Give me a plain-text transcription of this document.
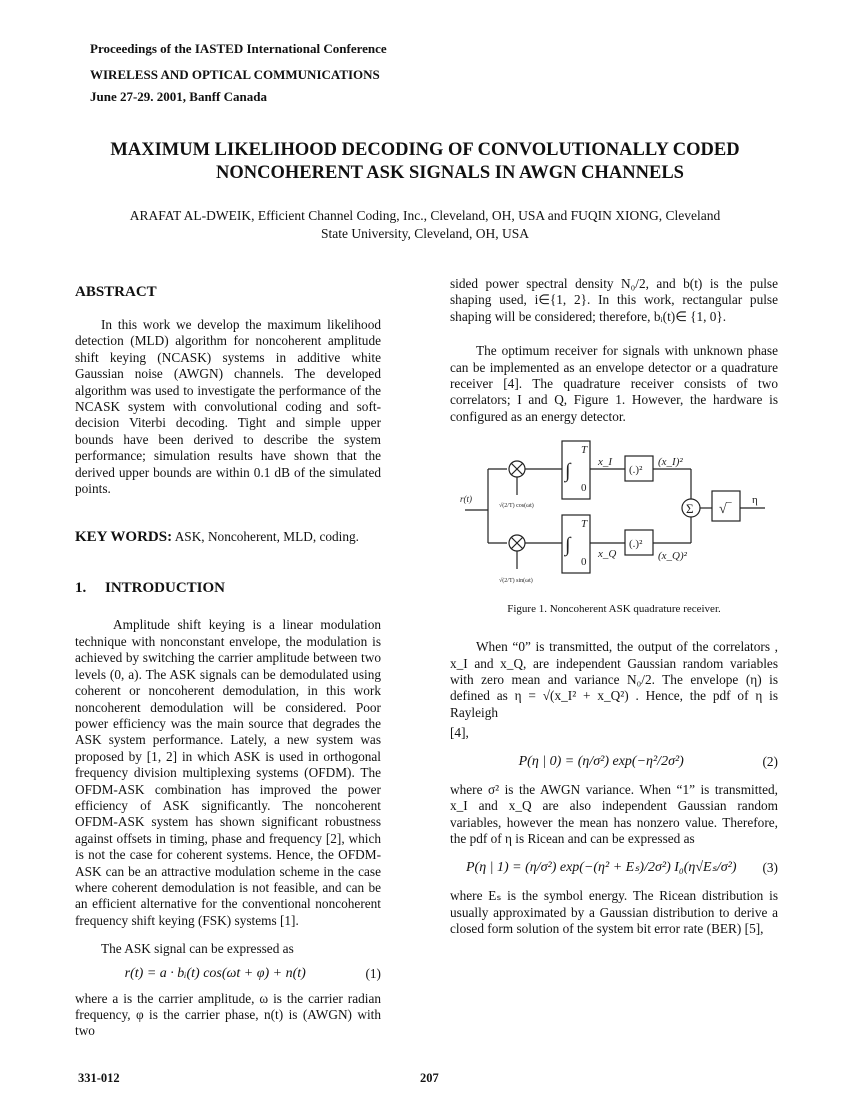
Proceedings of the IASTED International Conference
WIRELESS AND OPTICAL COMMUNICATIONS
June 27-29. 2001, Banff Canada
MAXIMUM LIKELIHOOD DECODING OF CONVOLUTIONALLY CODED
NONCOHERENT ASK SIGNALS IN AWGN CHANNELS
ARAFAT AL-DWEIK, Efficient Channel Coding, Inc., Cleveland, OH, USA and FUQIN XIONG, Cleveland
State University, Cleveland, OH, USA
ABSTRACT

In this work we develop the maximum likelihood detection (MLD) algorithm for noncoherent amplitude shift keying (NCASK) systems in additive white Gaussian noise (AWGN) channels. The developed algorithm was used to investigate the performance of the NCASK system with convolutional coding and soft-decision Viterbi decoding. Tight and simple upper bounds have been derived to describe the system performance; simulation results have shown that the derived upper bounds are within 0.1 dB of the simulated points.

KEY WORDS: ASK, Noncoherent, MLD, coding.
1.     INTRODUCTION

Amplitude shift keying is a linear modulation technique with nonconstant envelope, the modulation is achieved by switching the carrier amplitude between two levels (0, a). The ASK signals can be demodulated using coherent or noncoherent demodulation, in this work noncoherent demodulation will be considered. Poor power efficiency was the main source that degrades the ASK system performance. Lately, a new system was proposed by [1, 2] in which ASK is used in orthogonal frequency division multiplexing systems (OFDM). The OFDM-ASK combination has improved the power efficiency of ASK significantly. The noncoherent OFDM-ASK system has shown significant robustness against offsets in timing, phase and frequency [2], which is not the case for coherent systems. Hence, the OFDM-ASK can be an attractive modulation scheme in the case where coherent demodulation is not feasible, and can be an efficient alternative for the conventional noncoherent frequency shift keying (FSK) systems [1].

The ASK signal can be expressed as

r(t) = a · bᵢ(t) cos(ωt + φ) + n(t)	(1)

where a is the carrier amplitude, ω is the carrier radian frequency, φ is the carrier phase, n(t) is (AWGN) with two

sided power spectral density N₀/2, and b(t) is the pulse shaping used, i∈{1, 2}. In this work, rectangular pulse shaping will be considered; therefore, bᵢ(t)∈ {1, 0}.

The optimum receiver for signals with unknown phase can be implemented as an envelope detector or a quadrature receiver [4]. The quadrature receiver consists of two correlators; I and Q, Figure 1. However, the hardware is configured as an energy detector.

r(t)
√(2/T) cos(ωt)
√(2/T) sin(ωt)
∫
∫
T
0
T
0
x_I
x_Q
(.)²
(.)²
(x_I)²
(x_Q)²
Σ √‾
η
Figure 1. Noncoherent ASK quadrature receiver.

When “0” is transmitted, the output of the correlators , x_I and x_Q, are independent Gaussian random variables with zero mean and variance N₀/2. The envelope (η) is defined as η = √(x_I² + x_Q²) . Hence, the pdf of η is Rayleigh

[4],

P(η | 0) = (η/σ²) exp(−η²/2σ²)	(2)

where σ² is the AWGN variance. When “1” is transmitted, x_I and x_Q are also independent Gaussian random variables, however the mean has nonzero value. Therefore, the pdf of η is Ricean and can be expressed as

P(η | 1) = (η/σ²) exp(−(η² + Eₛ)/2σ²) I₀(η√Eₛ/σ²)	(3)

where Eₛ is the symbol energy. The Ricean distribution is usually approximated by a Gaussian distribution to derive a closed form solution of the system bit error rate (BER) [5],

331-012	207
